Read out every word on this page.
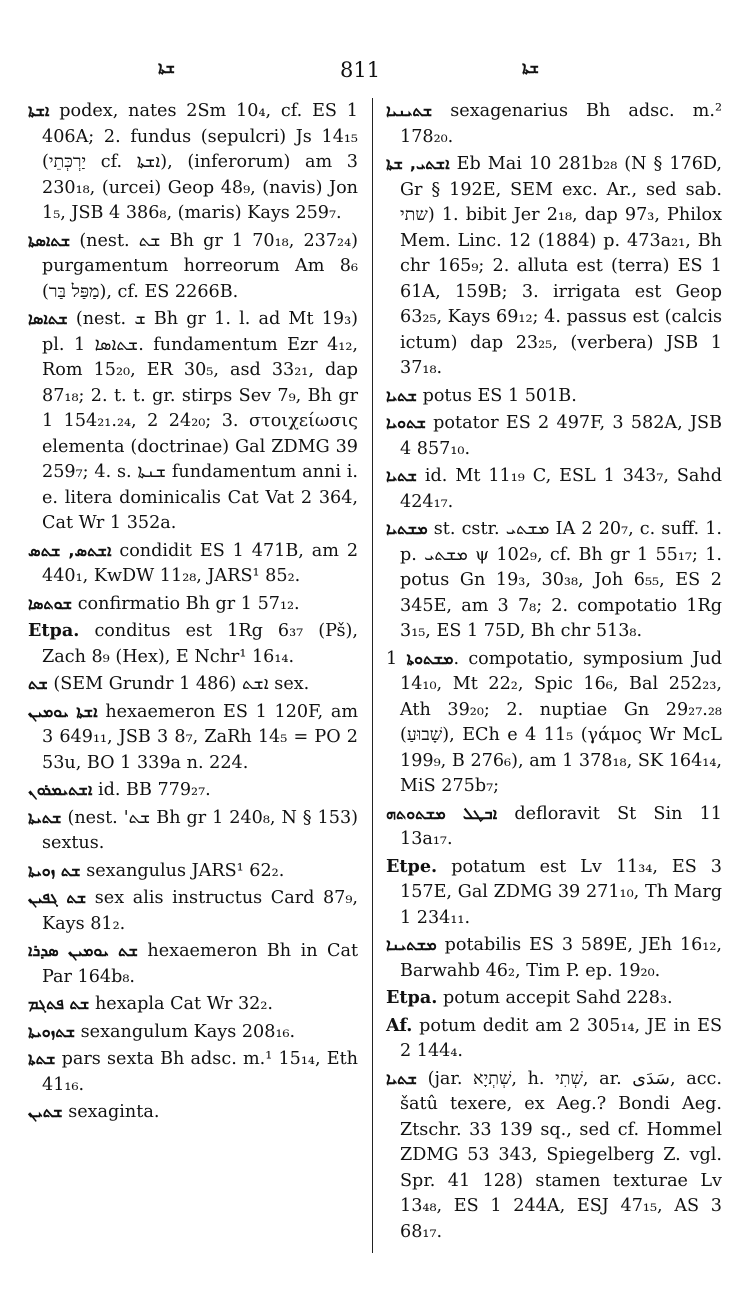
ܫܬܐ	811	ܫܬܐ
ܐܫܬܐ podex, nates 2Sm 10₄, cf. ES 1 406A; 2. fundus (sepulcri) Js 14₁₅ (יַרְכְּתֵי cf. ܐܫܬܐ), (inferorum) am 3 230₁₈, (urcei) Geop 48₉, (navis) Jon 1₅, JSB 4 386₈, (maris) Kays 259₇.
ܫܬܐܣܬܐ (nest. ܫܬ Bh gr 1 70₁₈, 237₂₄) purgamentum horreorum Am 8₆ (מַפַּל בַּר), cf. ES 2266B.
ܫܬܐܣܐ (nest. ܫ Bh gr 1. l. ad Mt 19₃) pl. ܫܬܐܣܐ 1. fundamentum Ezr 4₁₂, Rom 15₂₀, ER 30₅, asd 33₂₁, dap 87₁₈; 2. t. t. gr. stirps Sev 7₉, Bh gr 1 154₂₁.₂₄, 2 24₂₀; 3. στοιχείωσις elementa (doctrinae) Gal ZDMG 39 259₇; 4. s. ܫܢܬܐ fundamentum anni i. e. litera dominicalis Cat Vat 2 364, Cat Wr 1 352a.
ܐܫܬܣ, ܫܬܣ condidit ES 1 471B, am 2 440₁, KwDW 11₂₈, JARS¹ 85₂.
ܫܘܬܣܐ confirmatio Bh gr 1 57₁₂.
Etpa. conditus est 1Rg 6₃₇ (Pš), Zach 8₉ (Hex), E Nchr¹ 16₁₄.
ܫܬ (SEM Grundr 1 486) ܐܫܬ sex.
ܐܫܬܐ ܝܘܡܝܢ hexaemeron ES 1 120F, am 3 649₁₁, JSB 3 8₇, ZaRh 14₅ = PO 2 53u, BO 1 339a n. 224.
ܐܫܬܝܡܪܘܢ id. BB 779₂₇.
ܫܬܝܬܐ (nest. 'ܫܬ Bh gr 1 240₈, N § 153) sextus.
ܫܬ ܙܘܝܬܐ sexangulus JARS¹ 62₂.
ܫܬ ܓܦܝܢ sex alis instructus Card 87₉, Kays 81₂.
ܫܬ ܝܘܡܝܢ ܣܕܪܐ hexaemeron Bh in Cat Par 164b₈.
ܫܬ ܦܬܓܡ hexapla Cat Wr 32₂.
ܫܬܙܘܝܬܐ sexangulum Kays 208₁₆.
ܫܬܬܐ pars sexta Bh adsc. m.¹ 15₁₄, Eth 41₁₆.
ܫܬܝܢ sexaginta.
ܫܬܝܢܝܐ sexagenarius Bh adsc. m.² 178₂₀.
ܐܫܬܝ, ܫܬܐ Eb Mai 10 281b₂₈ (N § 176D, Gr § 192E, SEM exc. Ar., sed sab. שתי) 1. bibit Jer 2₁₈, dap 97₃, Philox Mem. Linc. 12 (1884) p. 473a₂₁, Bh chr 165₉; 2. alluta est (terra) ES 1 61A, 159B; 3. irrigata est Geop 63₂₅, Kays 69₁₂; 4. passus est (calcis ictum) dap 23₂₅, (verbera) JSB 1 37₁₈.
ܫܬܝܐ potus ES 1 501B.
ܫܬܘܝܐ potator ES 2 497F, 3 582A, JSB 4 857₁₀.
ܫܬܝܐ id. Mt 11₁₉ C, ESL 1 343₇, Sahd 424₁₇.
ܡܫܬܝܐ st. cstr. ܡܫܬܝ IA 2 20₇, c. suff. 1. p. ܡܫܬܝ ψ 102₉, cf. Bh gr 1 55₁₇; 1. potus Gn 19₃, 30₃₈, Joh 6₅₅, ES 2 345E, am 3 7₈; 2. compotatio 1Rg 3₁₅, ES 1 75D, Bh chr 513₈.
ܡܫܬܘܬܐ 1. compotatio, symposium Jud 14₁₀, Mt 22₂, Spic 16₆, Bal 252₂₃, Ath 39₂₀; 2. nuptiae Gn 29₂₇.₂₈ (שָׁבוּעַ), ECh e 4 11₅ (γάμος Wr McL 199₉, B 276₆), am 1 378₁₈, SK 164₁₄, MiS 275b₇;
ܐܒܛܠ ܡܫܬܘܬܗ defloravit St Sin 11 13a₁₇.
Etpe. potatum est Lv 11₃₄, ES 3 157E, Gal ZDMG 39 271₁₀, Th Marg 1 234₁₁.
ܡܫܬܝܢܐ potabilis ES 3 589E, JEh 16₁₂, Barwahb 46₂, Tim P. ep. 19₂₀.
Etpa. potum accepit Sahd 228₃.
Af. potum dedit am 2 305₁₄, JE in ES 2 144₄.
ܫܬܝܐ (jar. שְׁתְיָא, h. שְׁתִי, ar. سَدَى, acc. šatû texere, ex Aeg.? Bondi Aeg. Ztschr. 33 139 sq., sed cf. Hommel ZDMG 53 343, Spiegelberg Z. vgl. Spr. 41 128) stamen texturae Lv 13₄₈, ES 1 244A, ESJ 47₁₅, AS 3 68₁₇.
